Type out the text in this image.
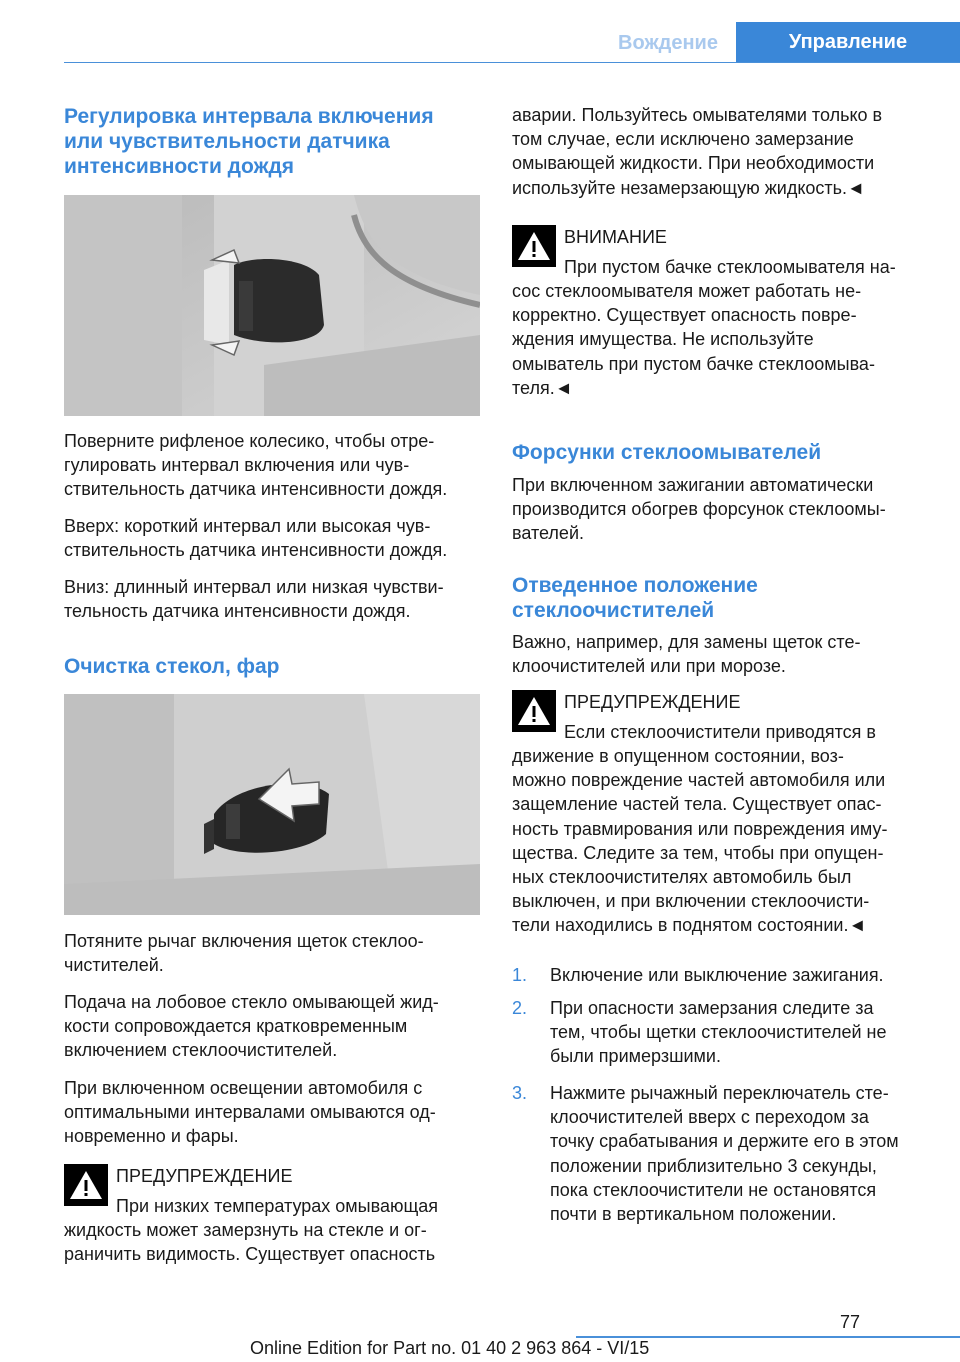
Вождение	Управление
Регулировка интервала включения или чувствительности датчика интенсивности дождя
Поверните рифленое колесико, чтобы отре-
гулировать интервал включения или чув-
ствительность датчика интенсивности дождя.
Вверх: короткий интервал или высокая чув-
ствительность датчика интенсивности дождя.
Вниз: длинный интервал или низкая чувстви-
тельность датчика интенсивности дождя.
Очистка стекол, фар
Потяните рычаг включения щеток стеклоо-
чистителей.
Подача на лобовое стекло омывающей жид-
кости сопровождается кратковременным
включением стеклоочистителей.
При включенном освещении автомобиля с
оптимальными интервалами омываются од-
новременно и фары.
ПРЕДУПРЕЖДЕНИЕ
При низких температурах омывающая
жидкость может замерзнуть на стекле и ог-
раничить видимость. Существует опасность
аварии. Пользуйтесь омывателями только в
том случае, если исключено замерзание
омывающей жидкости. При необходимости
используйте незамерзающую жидкость.◄
ВНИМАНИЕ
При пустом бачке стеклоомывателя на-
сос стеклоомывателя может работать не-
корректно. Существует опасность повре-
ждения имущества. Не используйте
омыватель при пустом бачке стеклоомыва-
теля.◄
Форсунки стеклоомывателей
При включенном зажигании автоматически
производится обогрев форсунок стеклоомы-
вателей.
Отведенное положение
стеклоочистителей
Важно, например, для замены щеток сте-
клоочистителей или при морозе.
ПРЕДУПРЕЖДЕНИЕ
Если стеклоочистители приводятся в
движение в опущенном состоянии, воз-
можно повреждение частей автомобиля или
защемление частей тела. Существует опас-
ность травмирования или повреждения иму-
щества. Следите за тем, чтобы при опущен-
ных стеклоочистителях автомобиль был
выключен, и при включении стеклоочисти-
тели находились в поднятом состоянии.◄
1. Включение или выключение зажигания.
2. При опасности замерзания следите за
тем, чтобы щетки стеклоочистителей не
были примерзшими.
3. Нажмите рычажный переключатель сте-
клоочистителей вверх с переходом за
точку срабатывания и держите его в этом
положении приблизительно 3 секунды,
пока стеклоочистители не остановятся
почти в вертикальном положении.
77
Online Edition for Part no. 01 40 2 963 864 - VI/15
